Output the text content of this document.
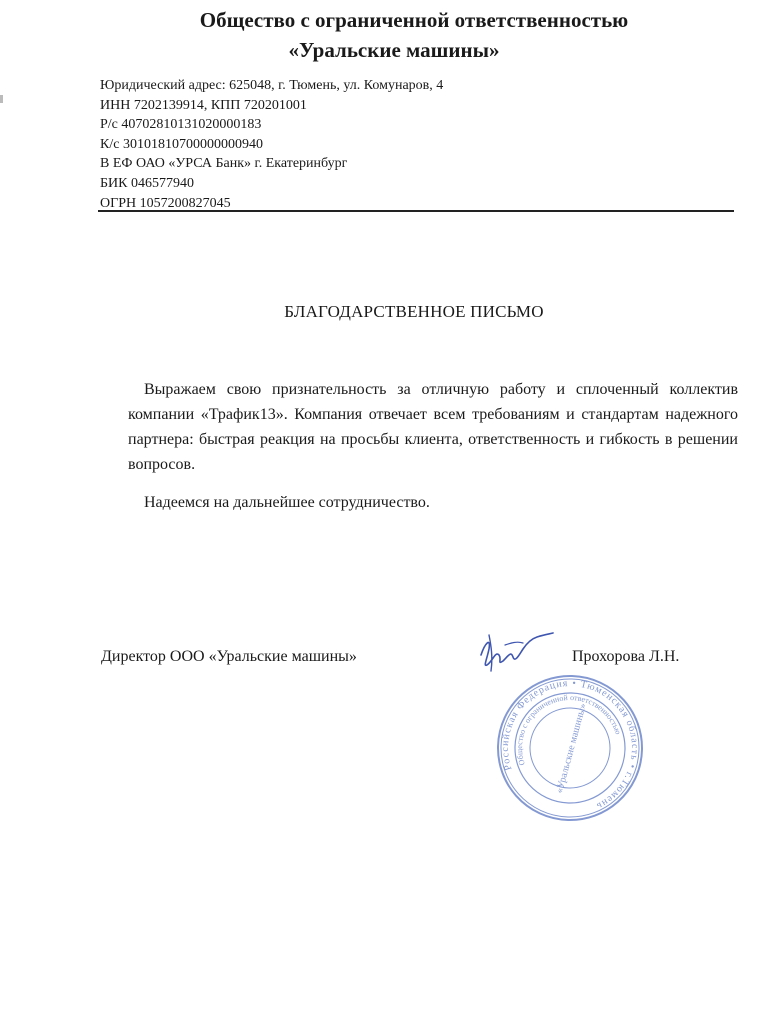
Общество с ограниченной ответственностью
«Уральские машины»
Юридический адрес: 625048, г. Тюмень, ул. Комунаров, 4
ИНН 7202139914, КПП 720201001
Р/с 40702810131020000183
К/с 30101810700000000940
В ЕФ ОАО «УРСА Банк» г. Екатеринбург
БИК 046577940
ОГРН 1057200827045
БЛАГОДАРСТВЕННОЕ ПИСЬМО
Выражаем свою признательность за отличную работу и сплоченный коллектив компании «Трафик13». Компания отвечает всем требованиям и стандартам надежного партнера: быстрая реакция на просьбы клиента, ответственность и гибкость в решении вопросов.
Надеемся на дальнейшее сотрудничество.
Директор ООО «Уральские машины»	Прохорова Л.Н.
Российская Федерация • Тюменская область • г.Тюмень
Общество с ограниченной ответственностью
«Уральские машины»
